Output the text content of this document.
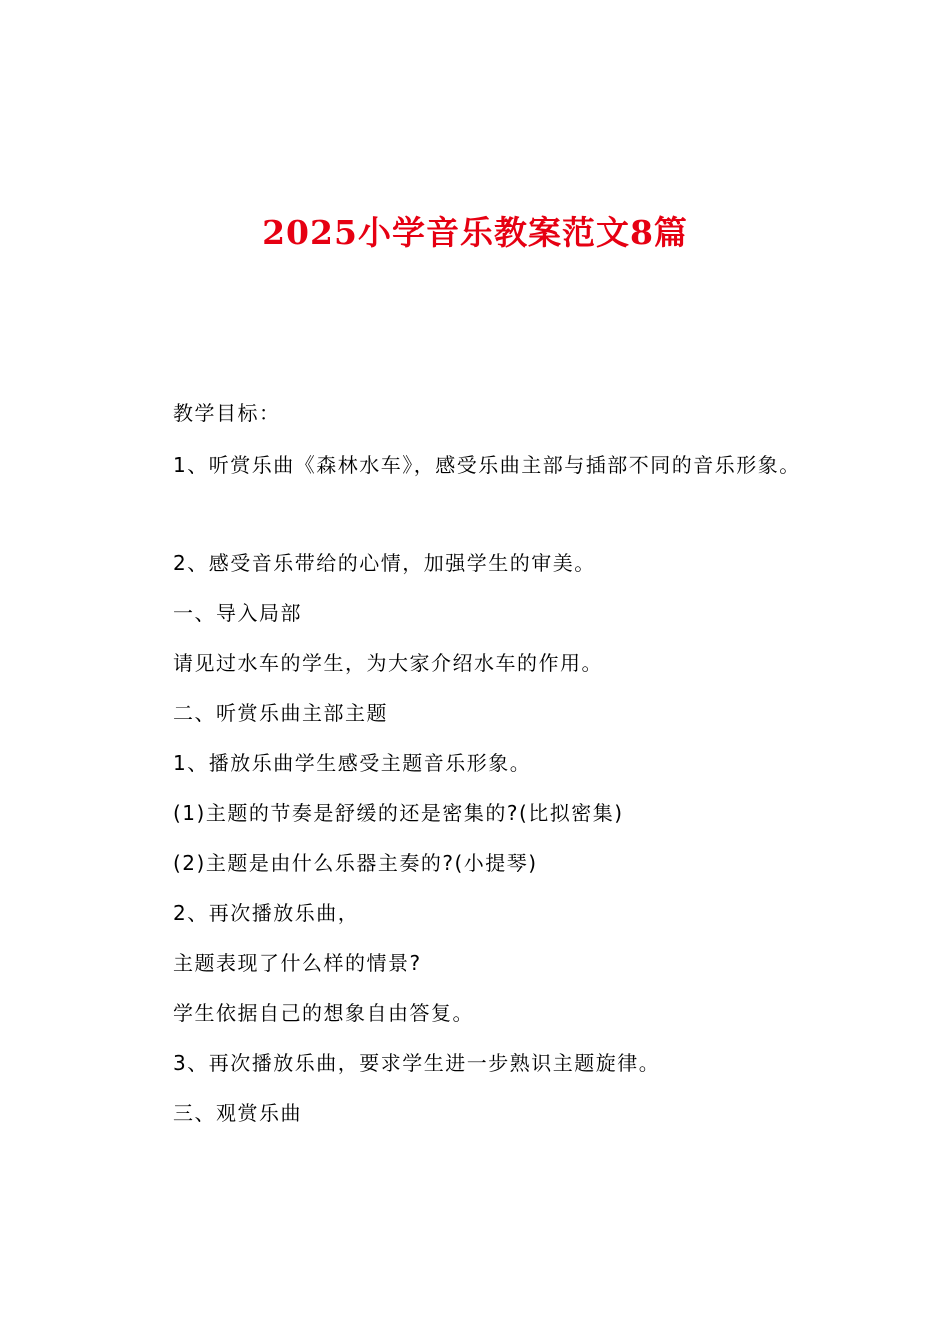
2025小学音乐教案范文8篇
教学目标：
1、听赏乐曲《森林水车》，感受乐曲主部与插部不同的音乐形象。
2、感受音乐带给的心情，加强学生的审美。
一、导入局部
请见过水车的学生，为大家介绍水车的作用。
二、听赏乐曲主部主题
1、播放乐曲学生感受主题音乐形象。
(1)主题的节奏是舒缓的还是密集的?(比拟密集)
(2)主题是由什么乐器主奏的?(小提琴)
2、再次播放乐曲，
主题表现了什么样的情景?
学生依据自己的想象自由答复。
3、再次播放乐曲，要求学生进一步熟识主题旋律。
三、观赏乐曲
